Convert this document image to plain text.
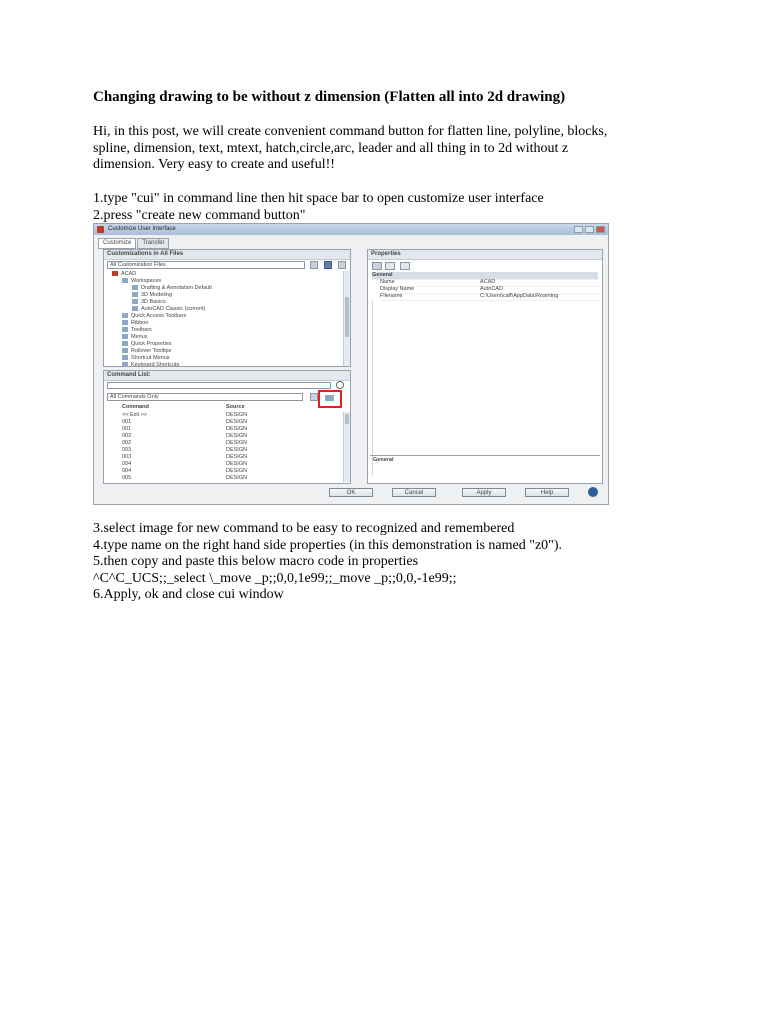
Changing drawing to be without z dimension (Flatten all into 2d drawing)
Hi, in this post, we will create convenient command button for flatten line, polyline, blocks,
spline, dimension, text, mtext, hatch,circle,arc, leader and all thing in to 2d without z
dimension. Very easy to create and useful!!
1.type "cui" in command line then hit space bar to open customize user interface
2.press "create new command button"
Customize User Interface
Customize	Transfer
Customizations in All Files
All Customization Files
ACAD
Workspaces
Drafting & Annotation Default
3D Modeling
3D Basics
AutoCAD Classic (current)
Quick Access Toolbars
Ribbon
Toolbars
Menus
Quick Properties
Rollover Tooltips
Shortcut Menus
Keyboard Shortcuts
Command List:
All Commands Only
Command	Source
<< Exit >>	DESIGN
001	DESIGN
001	DESIGN
002	DESIGN
002	DESIGN
003	DESIGN
003	DESIGN
004	DESIGN
004	DESIGN
005	DESIGN
Properties
General
Name	ACAD
Display Name	AutoCAD
Filename	C:\Users\caff\AppData\Roaming
General
OK	Cancel	Apply	Help
3.select image for new command to be easy to recognized and remembered
4.type name on the right hand side properties (in this demonstration is named "z0").
5.then copy and paste this below macro code in properties
^C^C_UCS;;_select \_move _p;;0,0,1e99;;_move _p;;0,0,-1e99;;
6.Apply, ok and close cui window
